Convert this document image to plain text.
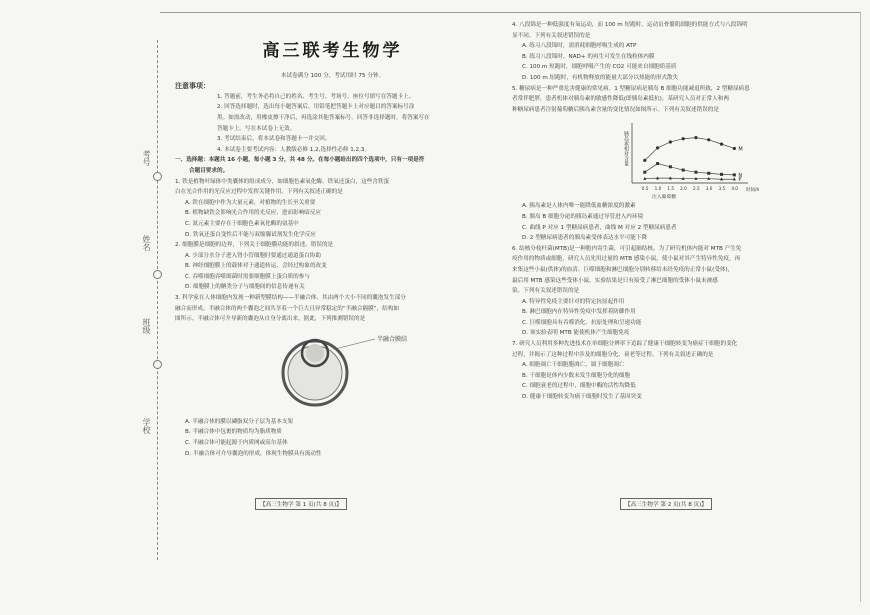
考号
姓名
班级
学校
高三联考生物学

本试卷满分 100 分，考试用时 75 分钟。

注意事项：

1. 答题前，考生务必将自己的姓名、考生号、考场号、座位号填写在答题卡上。

2. 回答选择题时，选出每小题答案后，用铅笔把答题卡上对应题目的答案标号涂

黑。如需改动，用橡皮擦干净后，再选涂其他答案标号。回答非选择题时，将答案写在

答题卡上。写在本试卷上无效。

3. 考试结束后，将本试卷和答题卡一并交回。

4. 本试卷主要考试内容：人教版必修 1,2,选择性必修 1,2,3。

一、选择题：本题共 16 小题，每小题 3 分，共 48 分。在每小题给出的四个选项中，只有一项是符

合题目要求的。

1. 铁是植物叶绿体中类囊体的组成成分，如细胞色素氧化酶、铁氧还蛋白，这些含铁蛋

白在光合作用的光反应过程中发挥关键作用。下列有关叙述正确的是

A. 铁在细胞中作为大量元素，对植物的生长至关重要

B. 植物缺铁会影响光合作用的光反应，进而影响暗反应

C. 氮元素主要存在于细胞色素氧化酶的氨基中

D. 铁氧还蛋白变性后不能与双缩脲试剂发生化学反应

2. 细胞膜是细胞的边界，下列关于细胞膜功能的叙述，错误的是

A. 少部分水分子进入肾小管细胞时要通过通道蛋白协助

B. 神经细胞膜上的载体对于通道转运，会经过构象的改变

C. 吞噬细胞吞噬细菌时需要细胞膜上蛋白质的参与

D. 细胞膜上的糖类分子与细胞间的信息传递有关

3. 科学家在人体细胞内发现一种新型膜结构——半融合体，其由两个大小不同的囊泡发生部分

融合而形成。半融合体的两个囊泡之间共享着一个巨大且异常稳定的“半融合隔膜”，结构如

图所示。半融合体可介导新的囊泡从自身分离出来。据此，下列推测错误的是

半融合膜结

A. 半融合体的膜以磷脂双分子层为基本支架

B. 半融合体中包裹的物质均为脂质物质

C. 半融合体可能起源于内质网或高尔基体

D. 半融合体可介导囊泡的形成，体现生物膜具有流动性

【高三生物学 第 1 页(共 8 页)】

4. 八段锦是一种低强度有氧运动，而 100 m 短跑时，运动员骨骼肌细胞的供能方式与八段锦明

显不同。下列有关叙述错误的是

A. 练习八段锦时，需消耗细胞呼吸生成的 ATP

B. 练习八段锦时，NAD+ 的再生可发生在线粒体内膜

C. 100 m 短跑时，细胞呼吸产生的 CO2 可能来自细胞质基质

D. 100 m 短跑时，有机物释放的能量大部分以热能的形式散失

5. 糖尿病是一种严重危害健康的常见病。1 型糖尿病是胰岛 B 细胞功能减退所致，2 型糖尿病患

者常伴肥胖，患者机体对胰岛素的敏感性降低(即胰岛素抵抗)。某研究人员对正常人和两

种糖尿病患者注射葡萄糖后胰岛素含量的变化情况如图所示。下列有关叙述错误的是

胰岛素相对含量
时间/h
0.5 1.0 1.5 2.0 2.5 3.0 3.5 4.0
注入葡萄糖
M
N
P

A. 胰岛素是人体内唯一能降低血糖浓度的激素

B. 胰岛 B 细胞分泌的胰岛素通过导管进入内环境

C. 曲线 P 对应 1 型糖尿病患者，曲线 M 对应 2 型糖尿病患者

D. 2 型糖尿病患者的胰岛素受体表达水平可能下降

6. 结核分枝杆菌(MTB)是一种胞内寄生菌，可引起肺结核。为了研究机体内能对 MTB 产生免

疫作用的物质或细胞，研究人员先用过量的 MTB 感染小鼠，使小鼠对其产生特异性免疫，再

来集这些小鼠(供体)的血清、巨噬细胞和淋巴细胞分别转移给未经免疫的正常小鼠(受体)，

最后用 MTB 感染这些受体小鼠。实验结果是只有接受了淋巴细胞的受体小鼠未被感

染。下列有关叙述错误的是

A. 特异性免疫主要针对的特定抗原起作用

B. 淋巴细胞内在特异性免疫中发挥着防御作用

C. 巨噬细胞具有吞噬消化、抗原处理和呈递功能

D. 该实验表明 MTB 能使机体产生细胞免疫

7. 研究人员利用多种先进技术在单细胞分辨率下追踪了健康干细胞转变为癌症干细胞的变化

过程，并揭示了这种过程中涉及的细胞分化、衰老等过程。下列有关叙述正确的是

A. 细胞凋亡干细胞胞凋亡，属于细胞凋亡

B. 干细胞是体内少数未发生细胞分化的细胞

C. 细胞衰老的过程中，细胞中酶的活性均降低

D. 健康干细胞转变为癌干细胞时发生了基因突变

【高三生物学 第 2 页(共 8 页)】
